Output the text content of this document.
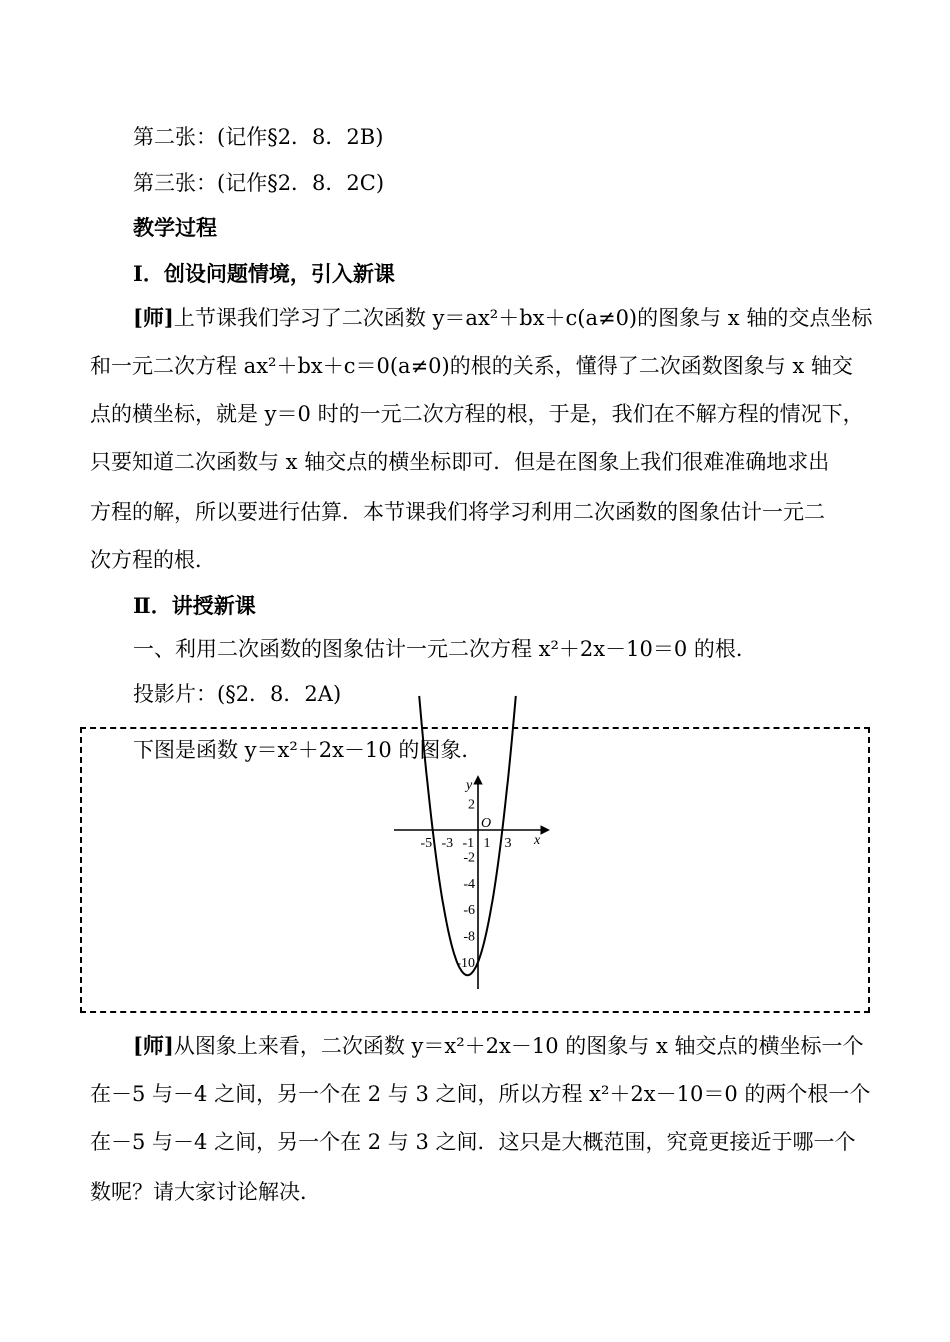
第二张：(记作§2．8．2B)
第三张：(记作§2．8．2C)
教学过程
Ⅰ．创设问题情境，引入新课
[师]上节课我们学习了二次函数 y＝ax²＋bx＋c(a≠0)的图象与 x 轴的交点坐标
和一元二次方程 ax²＋bx＋c＝0(a≠0)的根的关系，懂得了二次函数图象与 x 轴交
点的横坐标，就是 y＝0 时的一元二次方程的根，于是，我们在不解方程的情况下，
只要知道二次函数与 x 轴交点的横坐标即可．但是在图象上我们很难准确地求出
方程的解，所以要进行估算．本节课我们将学习利用二次函数的图象估计一元二
次方程的根．
Ⅱ．讲授新课
一、利用二次函数的图象估计一元二次方程 x²＋2x－10＝0 的根．
投影片：(§2．8．2A)
下图是函数 y＝x²＋2x－10 的图象．
y
x
O
-5 -3 -1 1 3
2
-2
-4
-6
-8
-10
[师]从图象上来看，二次函数 y＝x²＋2x－10 的图象与 x 轴交点的横坐标一个
在－5 与－4 之间，另一个在 2 与 3 之间，所以方程 x²＋2x－10＝0 的两个根一个
在－5 与－4 之间，另一个在 2 与 3 之间．这只是大概范围，究竟更接近于哪一个
数呢？请大家讨论解决．
